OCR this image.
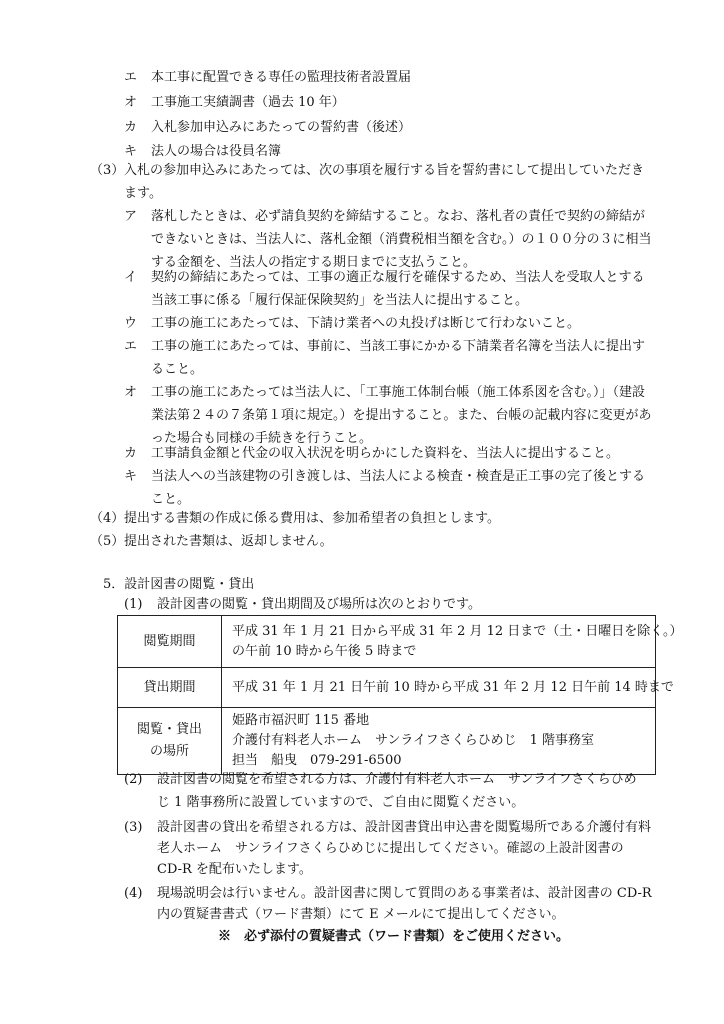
エ 本工事に配置できる専任の監理技術者設置届
オ 工事施工実績調書（過去 10 年）
カ 入札参加申込みにあたっての誓約書（後述）
キ 法人の場合は役員名簿
（3） 入札の参加申込みにあたっては、次の事項を履行する旨を誓約書にして提出していただき
ます。
ア 落札したときは、必ず請負契約を締結すること。なお、落札者の責任で契約の締結が
できないときは、当法人に、落札金額（消費税相当額を含む。）の１００分の３に相当
する金額を、当法人の指定する期日までに支払うこと。
イ 契約の締結にあたっては、工事の適正な履行を確保するため、当法人を受取人とする
当該工事に係る「履行保証保険契約」を当法人に提出すること。
ウ 工事の施工にあたっては、下請け業者への丸投げは断じて行わないこと。
エ 工事の施工にあたっては、事前に、当該工事にかかる下請業者名簿を当法人に提出す
ること。
オ 工事の施工にあたっては当法人に、「工事施工体制台帳（施工体系図を含む。）」（建設
業法第２４の７条第１項に規定。）を提出すること。また、台帳の記載内容に変更があ
った場合も同様の手続きを行うこと。
カ 工事請負金額と代金の収入状況を明らかにした資料を、当法人に提出すること。
キ 当法人への当該建物の引き渡しは、当法人による検査・検査是正工事の完了後とする
こと。
（4） 提出する書類の作成に係る費用は、参加希望者の負担とします。
（5） 提出された書類は、返却しません。
5．設計図書の閲覧・貸出
(1) 設計図書の閲覧・貸出期間及び場所は次のとおりです。
閲覧期間	平成 31 年 1 月 21 日から平成 31 年 2 月 12 日まで（土・日曜日を除く。）
の午前 10 時から午後 5 時まで

貸出期間	平成 31 年 1 月 21 日午前 10 時から平成 31 年 2 月 12 日午前 14 時まで

閲覧・貸出
の場所	姫路市福沢町 115 番地
介護付有料老人ホーム　サンライフさくらひめじ　1 階事務室
担当　船曳　079-291-6500
(2) 設計図書の閲覧を希望される方は、介護付有料老人ホーム　サンライフさくらひめ
じ 1 階事務所に設置していますので、ご自由に閲覧ください。
(3) 設計図書の貸出を希望される方は、設計図書貸出申込書を閲覧場所である介護付有料
老人ホーム　サンライフさくらひめじに提出してください。確認の上設計図書の
CD-R を配布いたします。
(4) 現場説明会は行いません。設計図書に関して質問のある事業者は、設計図書の CD-R
内の質疑書書式（ワード書類）にて E メールにて提出してください。
※　必ず添付の質疑書式（ワード書類）をご使用ください。
